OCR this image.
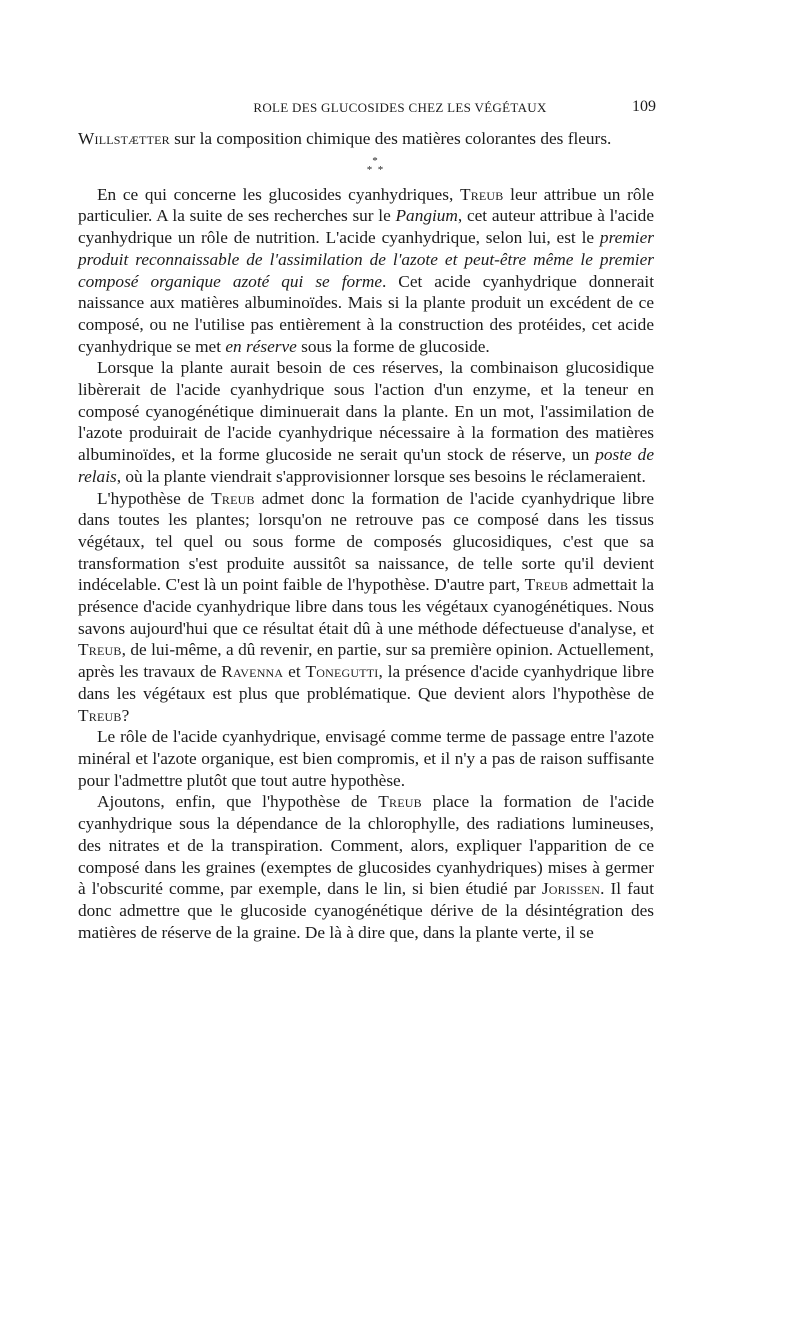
ROLE DES GLUCOSIDES CHEZ LES VÉGÉTAUX	109

Willstætter sur la composition chimique des matières colorantes des fleurs.

*
*  *

En ce qui concerne les glucosides cyanhydriques, Treub leur attribue un rôle particulier. A la suite de ses recherches sur le Pangium, cet auteur attribue à l'acide cyanhydrique un rôle de nutrition. L'acide cyanhydrique, selon lui, est le premier produit reconnaissable de l'assimilation de l'azote et peut-être même le premier composé organique azoté qui se forme. Cet acide cyanhydrique donnerait naissance aux matières albuminoïdes. Mais si la plante produit un excédent de ce composé, ou ne l'utilise pas entièrement à la construction des protéides, cet acide cyanhydrique se met en réserve sous la forme de glucoside.

Lorsque la plante aurait besoin de ces réserves, la combinaison glucosidique libèrerait de l'acide cyanhydrique sous l'action d'un enzyme, et la teneur en composé cyanogénétique diminuerait dans la plante. En un mot, l'assimilation de l'azote produirait de l'acide cyanhydrique nécessaire à la formation des matières albuminoïdes, et la forme glucoside ne serait qu'un stock de réserve, un poste de relais, où la plante viendrait s'approvisionner lorsque ses besoins le réclameraient.

L'hypothèse de Treub admet donc la formation de l'acide cyanhydrique libre dans toutes les plantes; lorsqu'on ne retrouve pas ce composé dans les tissus végétaux, tel quel ou sous forme de composés glucosidiques, c'est que sa transformation s'est produite aussitôt sa naissance, de telle sorte qu'il devient indécelable. C'est là un point faible de l'hypothèse. D'autre part, Treub admettait la présence d'acide cyanhydrique libre dans tous les végétaux cyanogénétiques. Nous savons aujourd'hui que ce résultat était dû à une méthode défectueuse d'analyse, et Treub, de lui-même, a dû revenir, en partie, sur sa première opinion. Actuellement, après les travaux de Ravenna et Tonegutti, la présence d'acide cyanhydrique libre dans les végétaux est plus que problématique. Que devient alors l'hypothèse de Treub?

Le rôle de l'acide cyanhydrique, envisagé comme terme de passage entre l'azote minéral et l'azote organique, est bien compromis, et il n'y a pas de raison suffisante pour l'admettre plutôt que tout autre hypothèse.

Ajoutons, enfin, que l'hypothèse de Treub place la formation de l'acide cyanhydrique sous la dépendance de la chlorophylle, des radiations lumineuses, des nitrates et de la transpiration. Comment, alors, expliquer l'apparition de ce composé dans les graines (exemptes de glucosides cyanhydriques) mises à germer à l'obscurité comme, par exemple, dans le lin, si bien étudié par Jorissen. Il faut donc admettre que le glucoside cyanogénétique dérive de la désintégration des matières de réserve de la graine. De là à dire que, dans la plante verte, il se
